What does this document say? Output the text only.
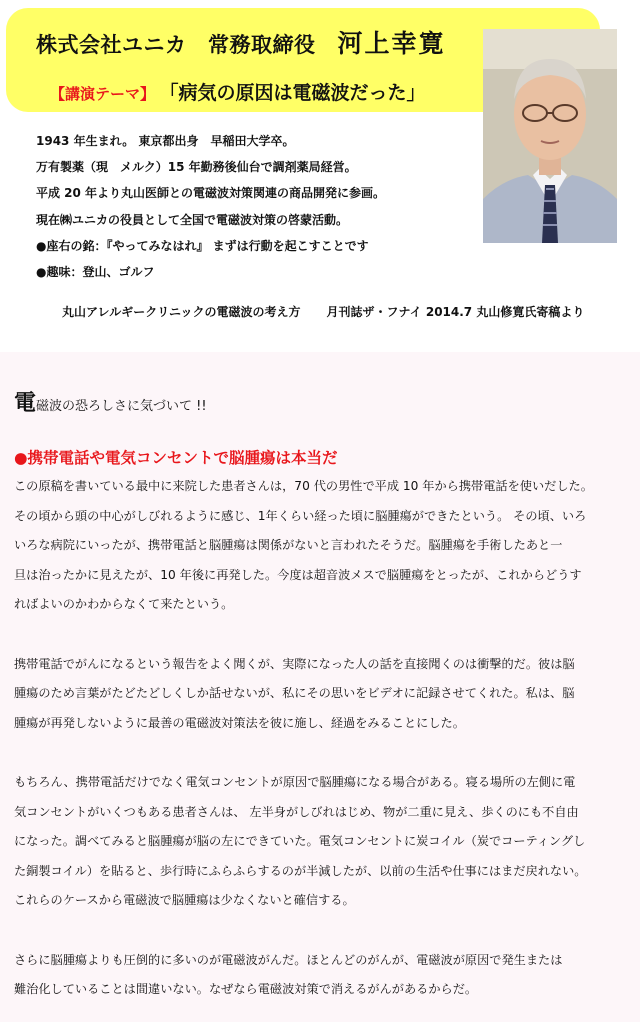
株式会社ユニカ　常務取締役 河上幸寛
【講演テーマ】 「病気の原因は電磁波だった」
1943 年生まれ。 東京都出身　早稲田大学卒。
万有製薬（現　メルク）15 年勤務後仙台で調剤薬局経営。
平成 20 年より丸山医師との電磁波対策関連の商品開発に参画。
現在㈱ユニカの役員として全国で電磁波対策の啓蒙活動。
●座右の銘：『やってみなはれ』 まずは行動を起こすことです
●趣味：登山、ゴルフ
丸山アレルギークリニックの電磁波の考え方 月刊誌ザ・フナイ 2014.7 丸山修寛氏寄稿より
電磁波の恐ろしさに気づいて !!
●携帯電話や電気コンセントで脳腫瘍は本当だ

この原稿を書いている最中に来院した患者さんは，70 代の男性で平成 10 年から携帯電話を使いだした。
その頃から頭の中心がしびれるように感じ、1年くらい経った頃に脳腫瘍ができたという。 その頃、いろ
いろな病院にいったが、携帯電話と脳腫瘍は関係がないと言われたそうだ。脳腫瘍を手術したあと一
旦は治ったかに見えたが、10 年後に再発した。今度は超音波メスで脳腫瘍をとったが、これからどうす
ればよいのかわからなくて来たという。

携帯電話でがんになるという報告をよく聞くが、実際になった人の話を直接聞くのは衝撃的だ。彼は脳
腫瘍のため言葉がたどたどしくしか話せないが、私にその思いをビデオに記録させてくれた。私は、脳
腫瘍が再発しないように最善の電磁波対策法を彼に施し、経過をみることにした。

もちろん、携帯電話だけでなく電気コンセントが原因で脳腫瘍になる場合がある。寝る場所の左側に電
気コンセントがいくつもある患者さんは、 左半身がしびれはじめ、物が二重に見え、歩くのにも不自由
になった。調べてみると脳腫瘍が脳の左にできていた。電気コンセントに炭コイル（炭でコーティングし
た銅製コイル）を貼ると、歩行時にふらふらするのが半減したが、以前の生活や仕事にはまだ戻れない。
これらのケースから電磁波で脳腫瘍は少なくないと確信する。

さらに脳腫瘍よりも圧倒的に多いのが電磁波がんだ。ほとんどのがんが、電磁波が原因で発生または
難治化していることは間違いない。なぜなら電磁波対策で消えるがんがあるからだ。
